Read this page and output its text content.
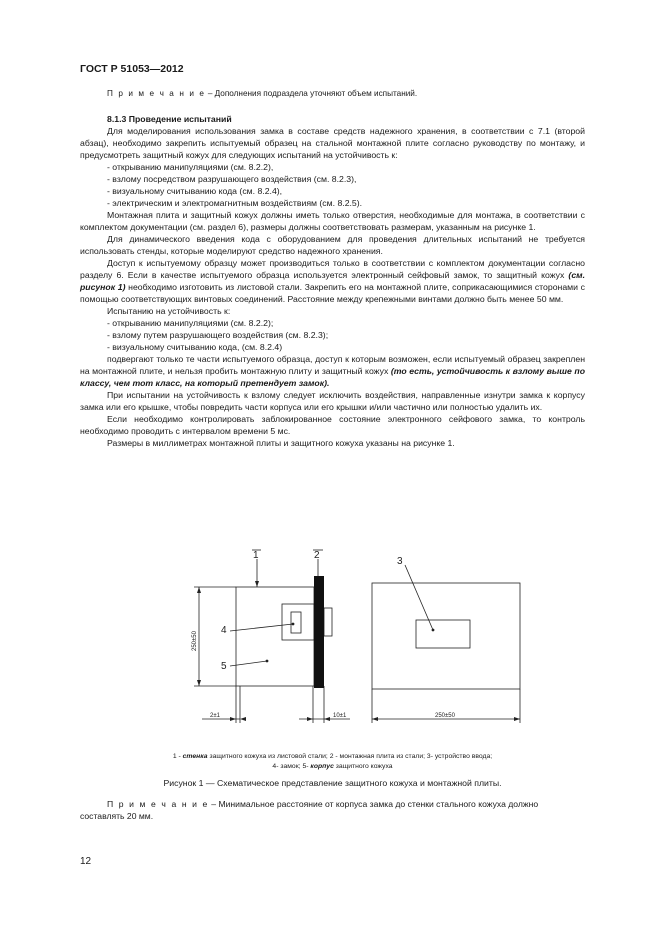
ГОСТ Р 51053—2012
П р и м е ч а н и е – Дополнения подраздела уточняют объем испытаний.

8.1.3 Проведение испытаний

Для моделирования использования замка в составе средств надежного хранения, в соответствии с 7.1 (второй абзац), необходимо закрепить испытуемый образец на стальной монтажной плите согласно руководству по монтажу, и предусмотреть защитный кожух для следующих испытаний на устойчивость к:

- открыванию манипуляциями (см. 8.2.2),

- взлому посредством разрушающего воздействия (см. 8.2.3),

- визуальному считыванию кода (см. 8.2.4),

- электрическим и электромагнитным воздействиям (см. 8.2.5).

Монтажная плита и защитный кожух должны иметь только отверстия, необходимые для монтажа, в соответствии с комплектом документации (см. раздел 6), размеры должны соответствовать размерам, указанным на рисунке 1.

Для динамического введения кода с оборудованием для проведения длительных испытаний не требуется использовать стенды, которые моделируют средство надежного хранения.

Доступ к испытуемому образцу может производиться только в соответствии с комплектом документации согласно разделу 6. Если в качестве испытуемого образца используется электронный сейфовый замок, то защитный кожух (см. рисунок 1) необходимо изготовить из листовой стали. Закрепить его на монтажной плите, соприкасающимися сторонами с помощью соответствующих винтовых соединений. Расстояние между крепежными винтами должно быть менее 50 мм.

Испытанию на устойчивость к:

- открыванию манипуляциями (см. 8.2.2);

- взлому путем разрушающего воздействия (см. 8.2.3);

- визуальному считыванию кода, (см. 8.2.4)

подвергают только те части испытуемого образца, доступ к которым возможен, если испытуемый образец закреплен на монтажной плите, и нельзя пробить монтажную плиту и защитный кожух (то есть, устойчивость к взлому выше по классу, чем тот класс, на который претендует замок).

При испытании на устойчивость к взлому следует исключить воздействия, направленные изнутри замка к корпусу замка или его крышке, чтобы повредить части корпуса или его крышки и/или частично или полностью удалить их.

Если необходимо контролировать заблокированное состояние электронного сейфового замка, то контроль необходимо проводить с интервалом времени 5 мс.

Размеры в миллиметрах монтажной плиты и защитного кожуха указаны на рисунке 1.

1	2
3
4
5
250±50
2±1	10±1	250±50
1 - стенка защитного кожуха из листовой стали; 2 - монтажная плита из стали; 3- устройство ввода;
4- замок; 5- корпус защитного кожуха
Рисунок 1 — Схематическое представление защитного кожуха и монтажной плиты.
П р и м е ч а н и е – Минимальное расстояние от корпуса замка до стенки стального кожуха должно составлять 20 мм.
12
